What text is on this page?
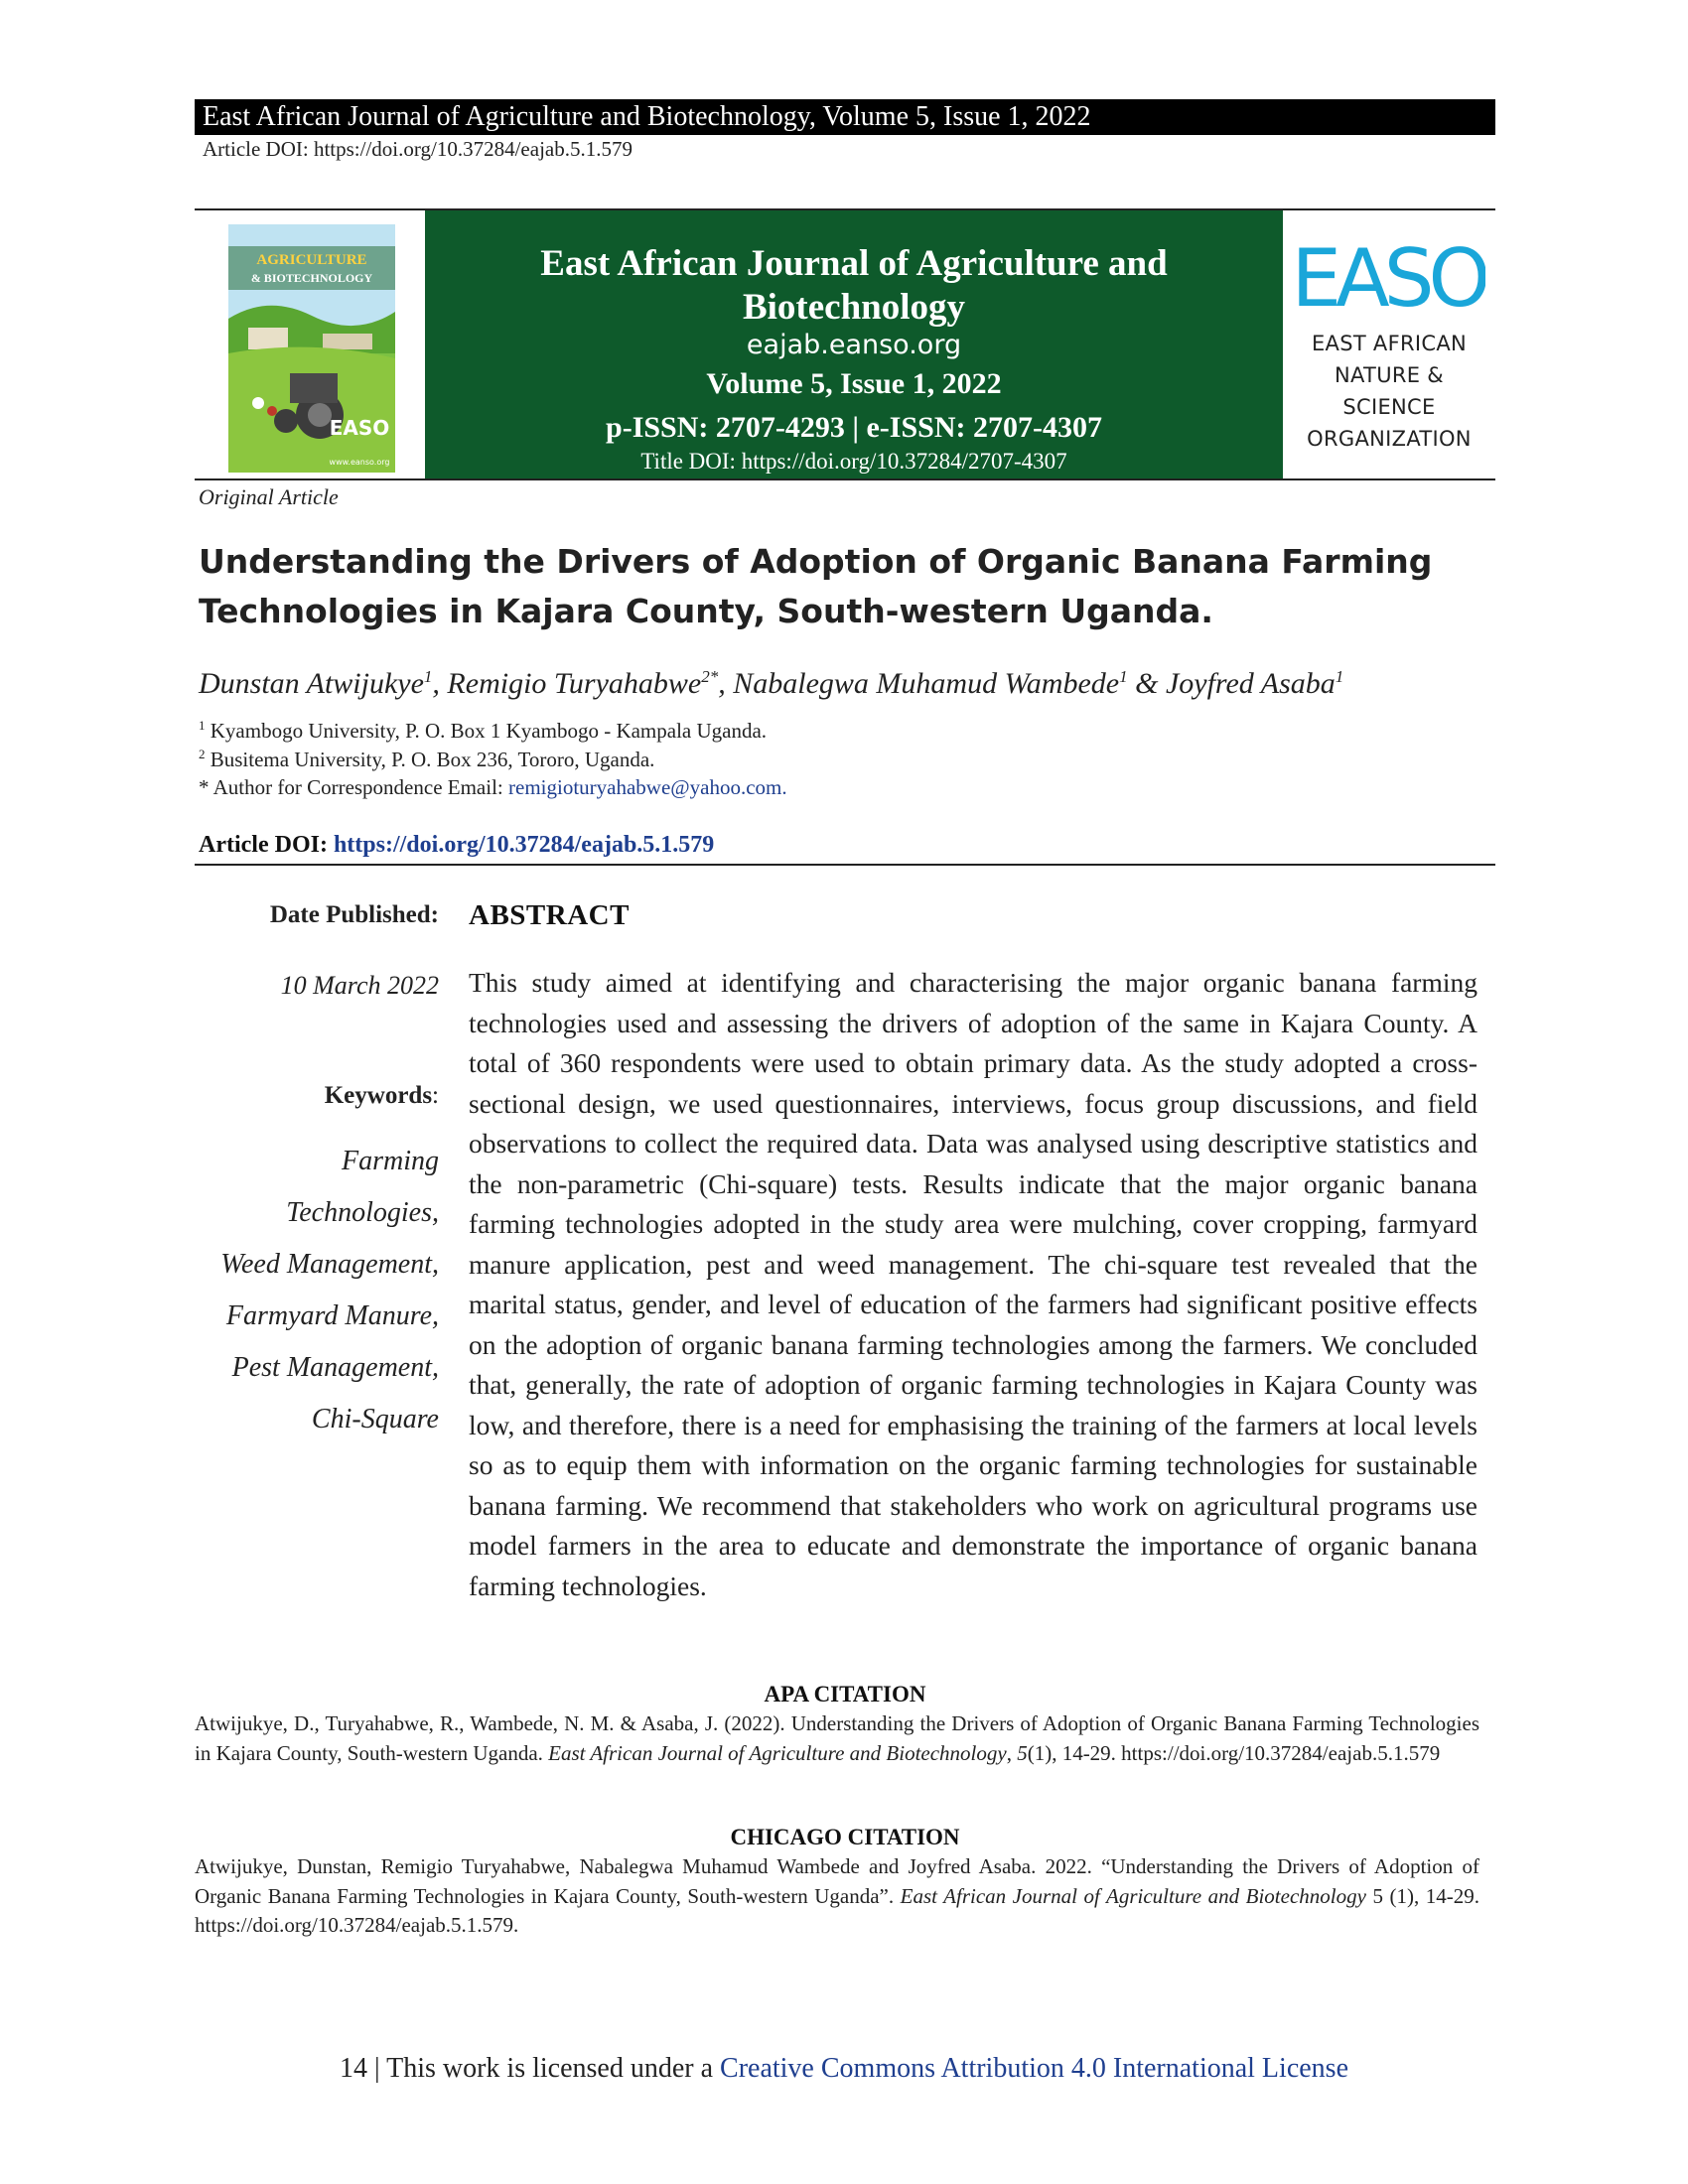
East African Journal of Agriculture and Biotechnology, Volume 5, Issue 1, 2022
Article DOI: https://doi.org/10.37284/eajab.5.1.579
AGRICULTURE
& BIOTECHNOLOGY
EASO
www.eanso.org
East African Journal of Agriculture and
Biotechnology
eajab.eanso.org
Volume 5, Issue 1, 2022
p-ISSN: 2707-4293 | e-ISSN: 2707-4307
Title DOI: https://doi.org/10.37284/2707-4307
EASO
EAST AFRICAN
NATURE &
SCIENCE
ORGANIZATION
Original Article
Understanding the Drivers of Adoption of Organic Banana Farming
Technologies in Kajara County, South-western Uganda.
Dunstan Atwijukye$^1$, Remigio Turyahabwe$^{2*}$, Nabalegwa Muhamud Wambede$^1$ & Joyfred Asaba$^1$
$^1$ Kyambogo University, P. O. Box 1 Kyambogo - Kampala Uganda.
$^2$ Busitema University, P. O. Box 236, Tororo, Uganda.
* Author for Correspondence Email: remigioturyahabwe@yahoo.com.
Article DOI: https://doi.org/10.37284/eajab.5.1.579
Date Published:
10 March 2022
Keywords:
Farming
Technologies,
Weed Management,
Farmyard Manure,
Pest Management,
Chi-Square
ABSTRACT
This study aimed at identifying and characterising the major organic banana farming technologies used and assessing the drivers of adoption of the same in Kajara County. A total of 360 respondents were used to obtain primary data. As the study adopted a cross-sectional design, we used questionnaires, interviews, focus group discussions, and field observations to collect the required data. Data was analysed using descriptive statistics and the non-parametric (Chi-square) tests. Results indicate that the major organic banana farming technologies adopted in the study area were mulching, cover cropping, farmyard manure application, pest and weed management. The chi-square test revealed that the marital status, gender, and level of education of the farmers had significant positive effects on the adoption of organic banana farming technologies among the farmers. We concluded that, generally, the rate of adoption of organic farming technologies in Kajara County was low, and therefore, there is a need for emphasising the training of the farmers at local levels so as to equip them with information on the organic farming technologies for sustainable banana farming. We recommend that stakeholders who work on agricultural programs use model farmers in the area to educate and demonstrate the importance of organic banana farming technologies.
APA CITATION
Atwijukye, D., Turyahabwe, R., Wambede, N. M. & Asaba, J. (2022). Understanding the Drivers of Adoption of Organic Banana Farming Technologies in Kajara County, South-western Uganda. East African Journal of Agriculture and Biotechnology, 5(1), 14-29. https://doi.org/10.37284/eajab.5.1.579
CHICAGO CITATION
Atwijukye, Dunstan, Remigio Turyahabwe, Nabalegwa Muhamud Wambede and Joyfred Asaba. 2022. “Understanding the Drivers of Adoption of Organic Banana Farming Technologies in Kajara County, South-western Uganda”. East African Journal of Agriculture and Biotechnology 5 (1), 14-29. https://doi.org/10.37284/eajab.5.1.579.
14 | This work is licensed under a Creative Commons Attribution 4.0 International License
